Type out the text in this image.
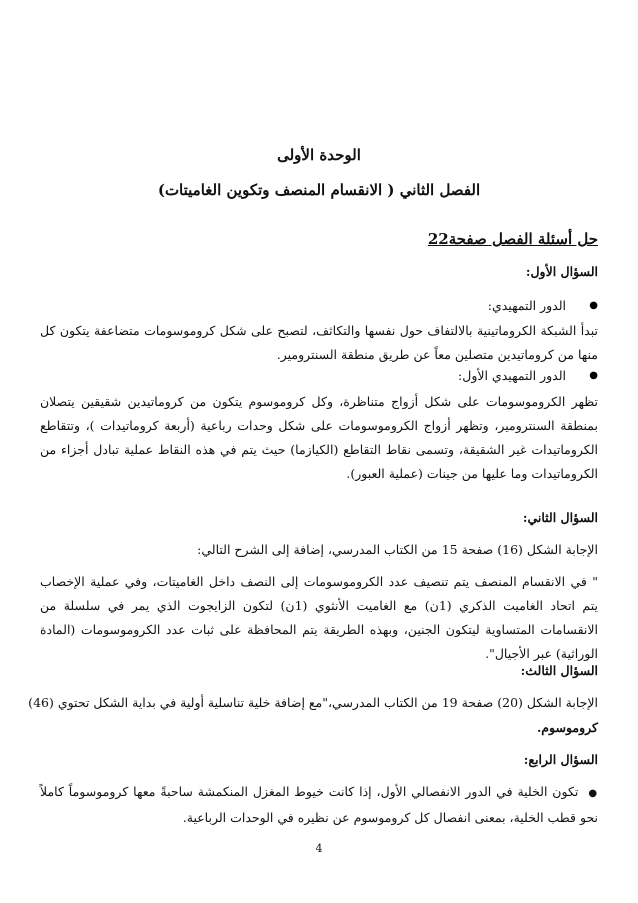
الوحدة الأولى
الفصل الثاني ( الانقسام المنصف وتكوين الغاميتات)
حل أسئلة الفصل صفحة22
السؤال الأول:
●
الدور التمهيدي:
تبدأ الشبكة الكروماتينية بالالتفاف حول نفسها والتكاثف، لتصبح على شكل كروموسومات متضاعفة يتكون كل منها من كروماتيدين متصلين معاً عن طريق منطقة السنترومير.
●
الدور التمهيدي الأول:
تظهر الكروموسومات على شكل أزواج متناظرة، وكل كروموسوم يتكون من كروماتيدين شقيقين يتصلان بمنطقة السنترومير، وتظهر أزواج الكروموسومات على شكل وحدات رباعية (أربعة كروماتيدات )، وتتقاطع الكروماتيدات غير الشقيقة، وتسمى نقاط التقاطع (الكيازما) حيث يتم في هذه النقاط عملية تبادل أجزاء من الكروماتيدات وما عليها من جينات (عملية العبور).
السؤال الثاني:
الإجابة الشكل (16) صفحة 15 من الكتاب المدرسي، إضافة إلى الشرح التالي:
" في الانقسام المنصف يتم تنصيف عدد الكروموسومات إلى النصف داخل الغاميتات، وفي عملية الإخصاب يتم اتحاد الغاميت الذكري (1ن) مع الغاميت الأنثوي (1ن) لتكون الزايجوت الذي يمر في سلسلة من الانقسامات المتساوية ليتكون الجنين، وبهذه الطريقة يتم المحافظة على ثبات عدد الكروموسومات (المادة الوراثية) عبر الأجيال".
السؤال الثالث:
الإجابة الشكل (20) صفحة 19 من الكتاب المدرسي،"مع إضافة خلية تناسلية أولية في بداية الشكل تحتوي (46)
كروموسوم.
السؤال الرابع:
●تكون الخلية في الدور الانفصالي الأول، إذا كانت خيوط المغزل المنكمشة ساحبةً معها كروموسوماً كاملاً نحو قطب الخلية، بمعنى انفصال كل كروموسوم عن نظيره في الوحدات الرباعية.
4
